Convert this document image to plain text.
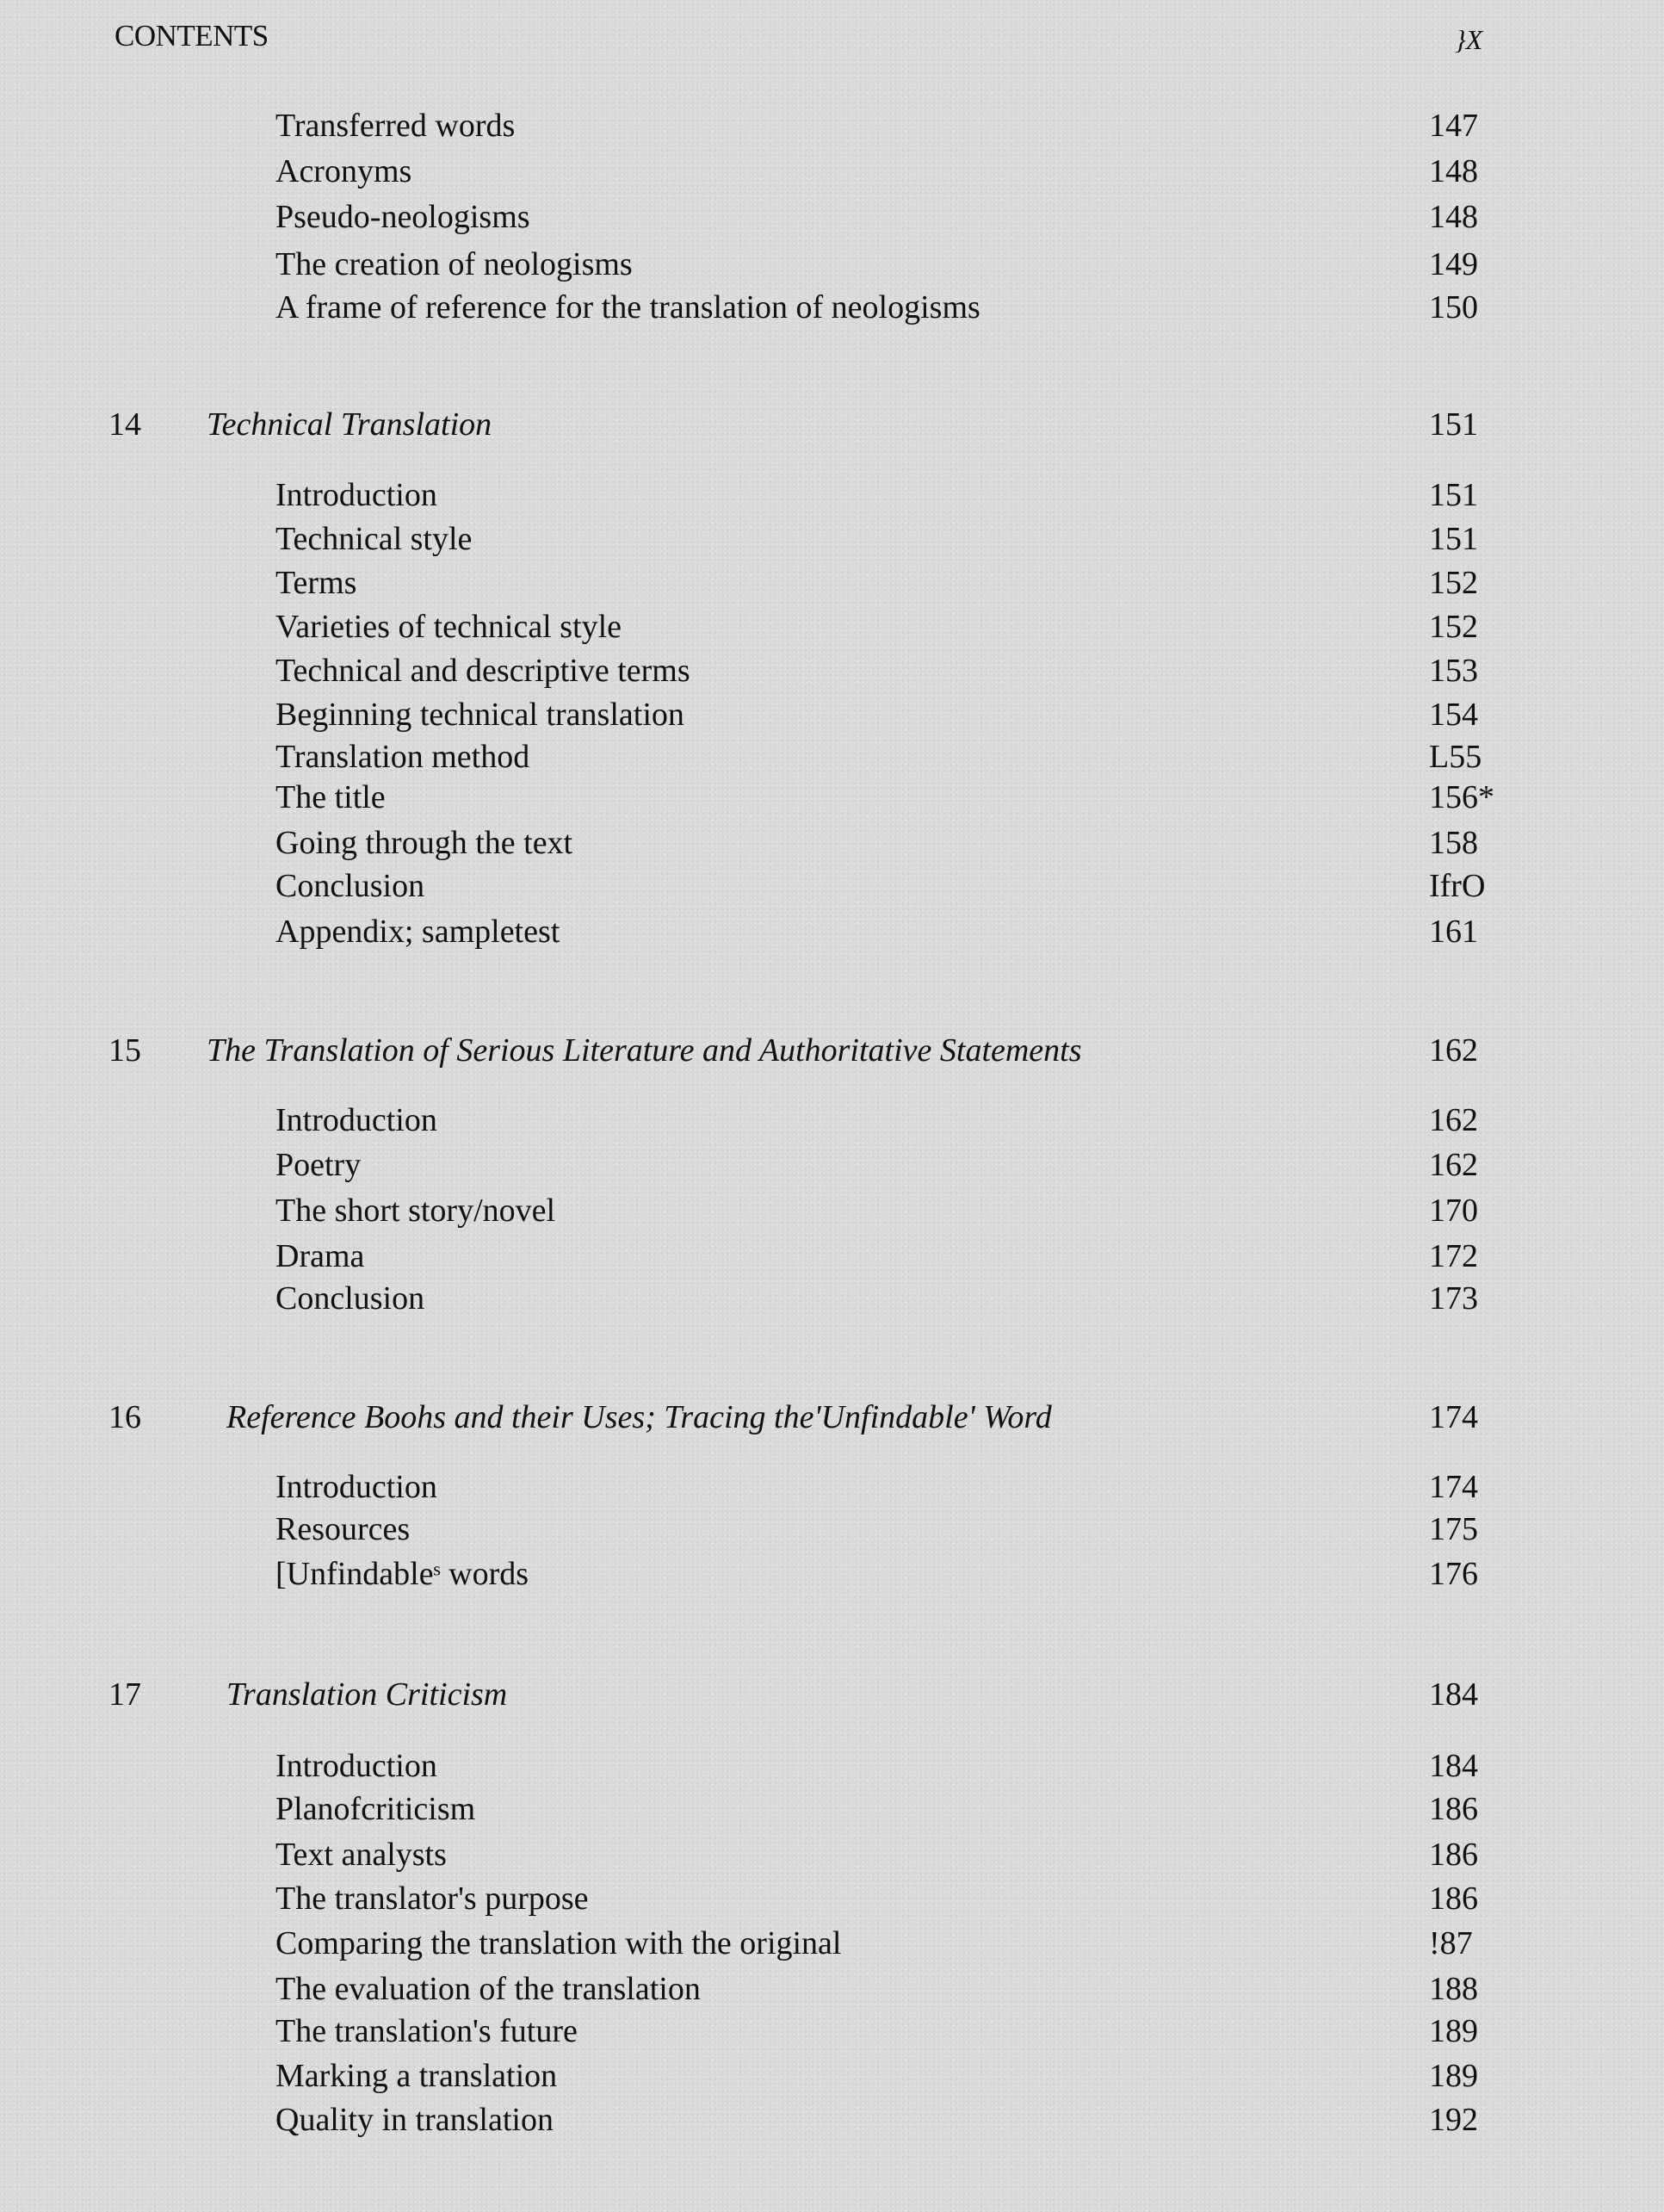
CONTENTS	}X
Transferred words	147
Acronyms	148
Pseudo-neologisms	148
The creation of neologisms	149
A frame of reference for the translation of neologisms	150
14 Technical Translation	151
Introduction	151
Technical style	151
Terms	152
Varieties of technical style	152
Technical and descriptive terms	153
Beginning technical translation	154
Translation method	L55
The title	156*
Going through the text	158
Conclusion	IfrO
Appendix; sampletest	161
15 The Translation of Serious Literature and Authoritative Statements	162
Introduction	162
Poetry	162
The short story/novel	170
Drama	172
Conclusion	173
16	Reference Boohs and their Uses; Tracing the'Unfindable' Word	174
Introduction	174
Resources	175
[Unfindableˢ words	176
17	Translation Criticism	184
Introduction	184
Planofcriticism	186
Text analysts	186
The translator's purpose	186
Comparing the translation with the original	!87
The evaluation of the translation	188
The translation's future	189
Marking a translation	189
Quality in translation	192
